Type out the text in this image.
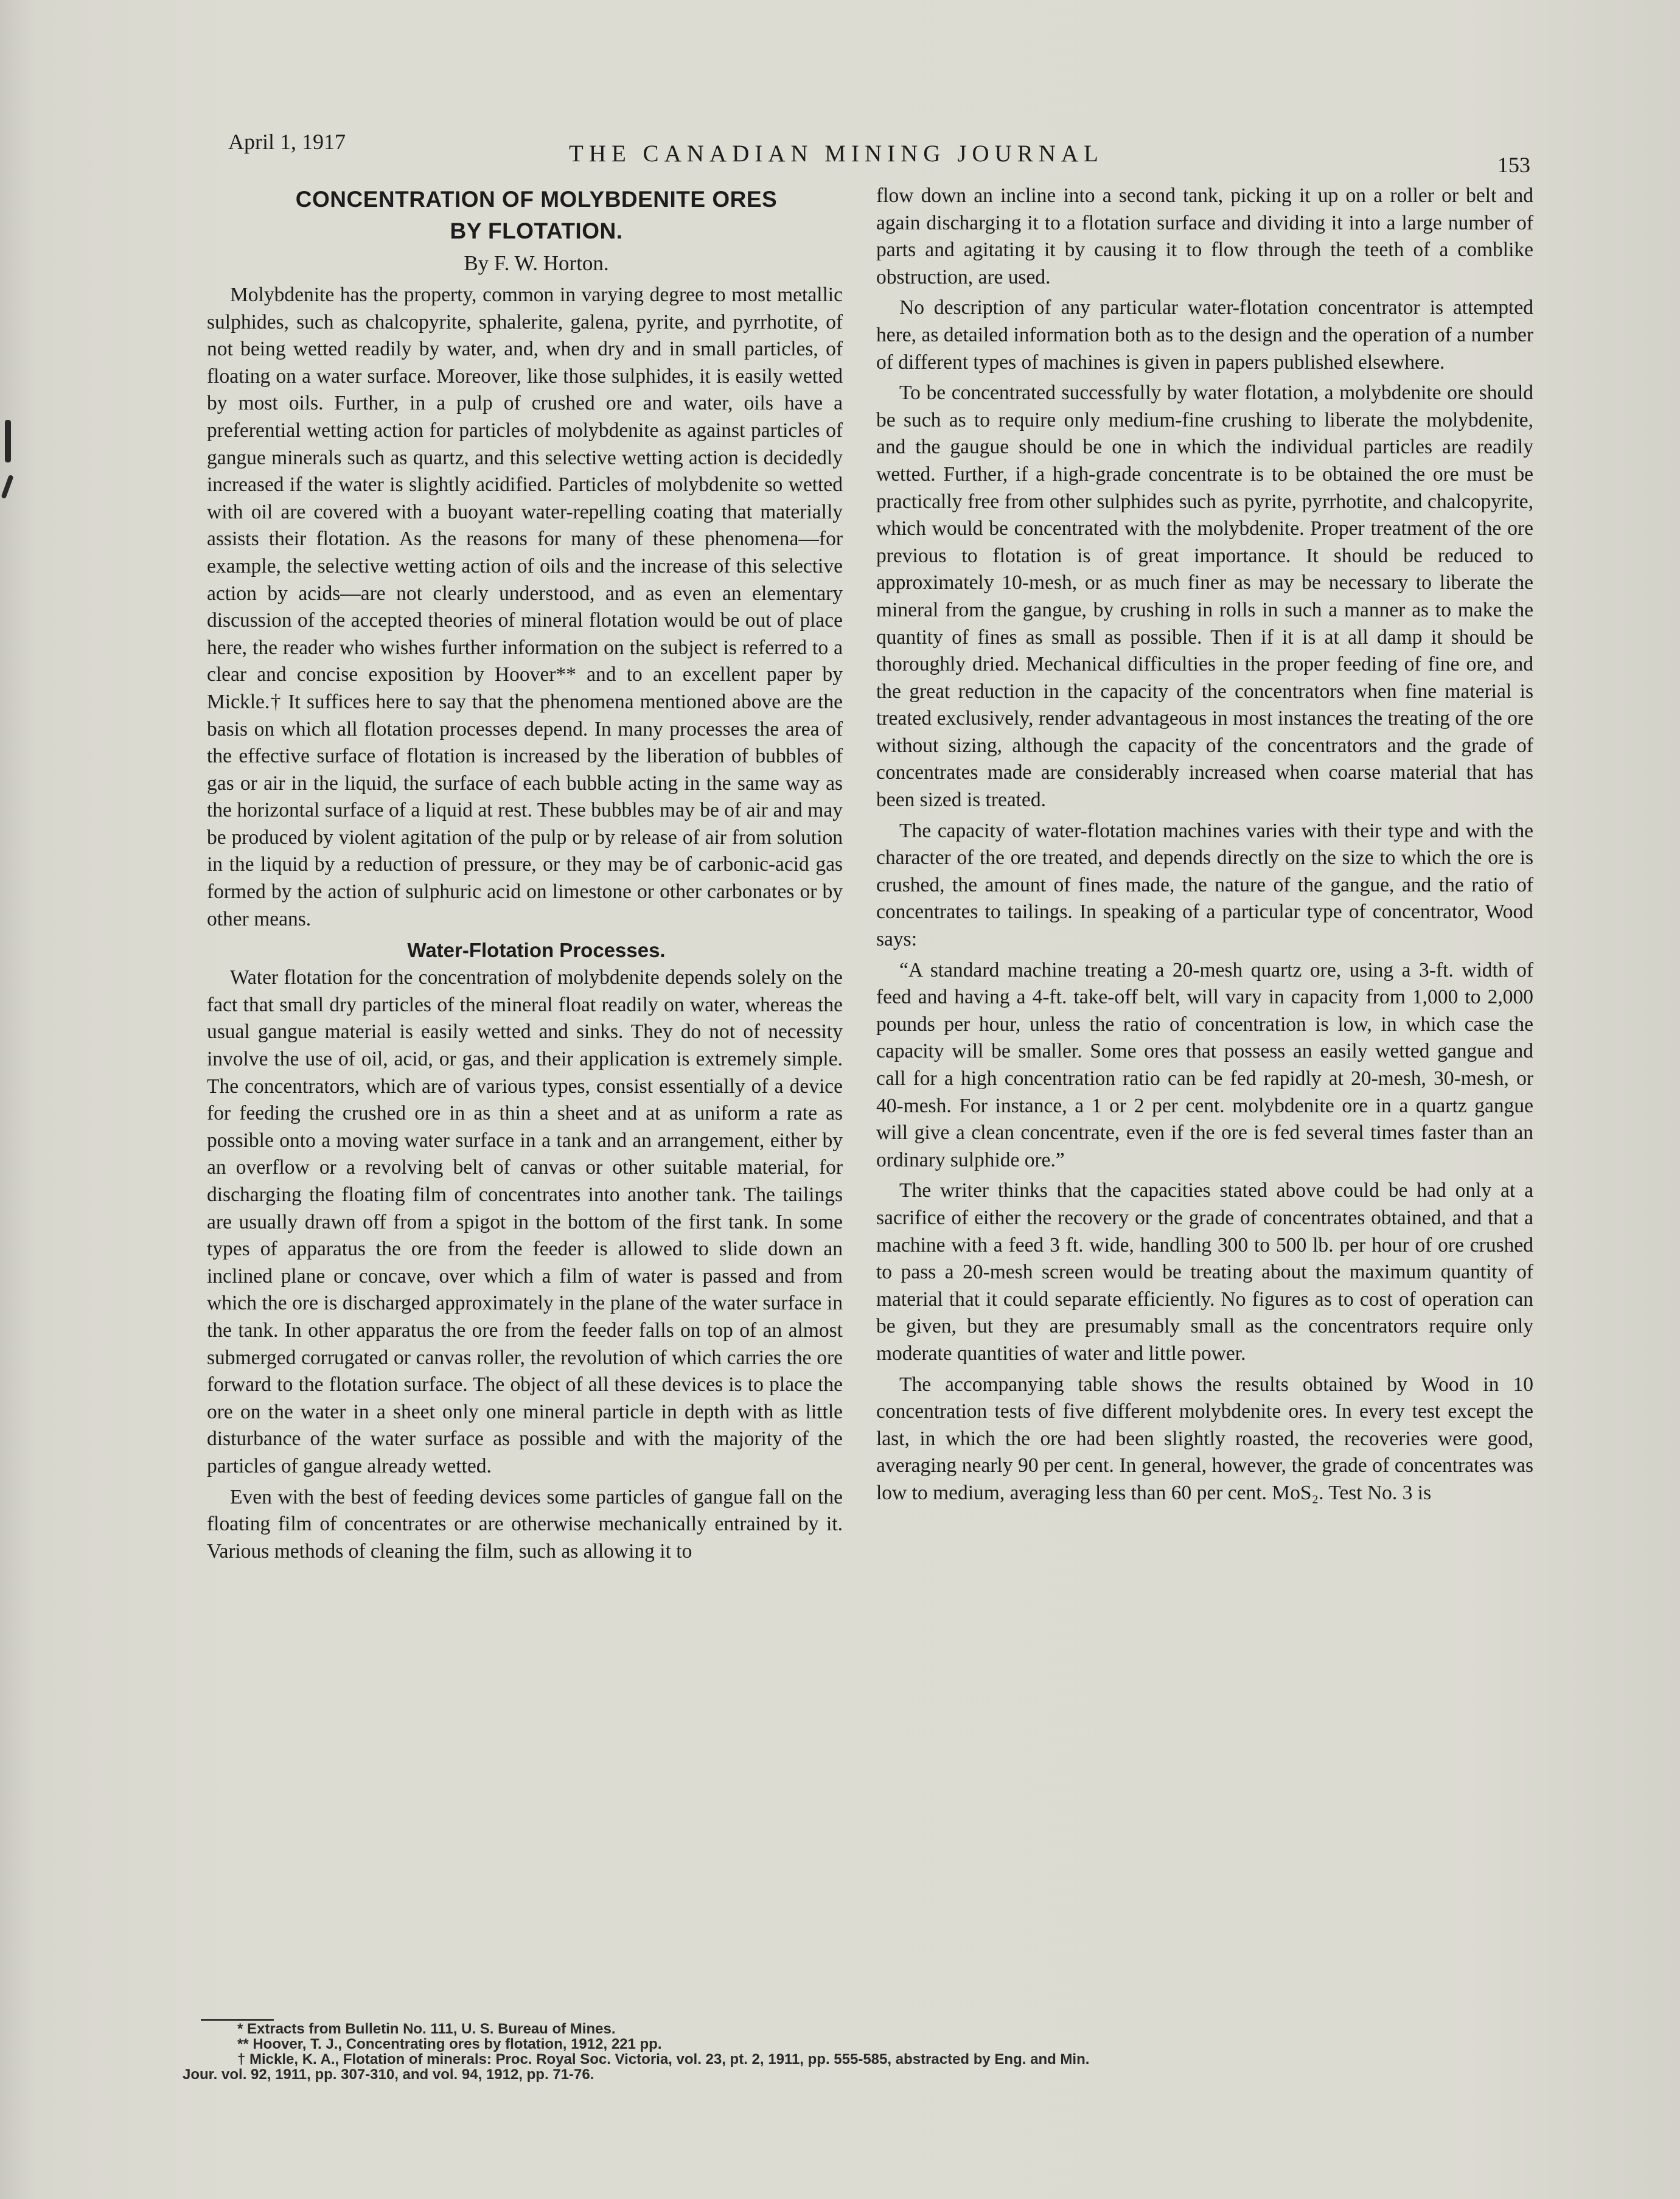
April 1, 1917	THE CANADIAN MINING JOURNAL	153

CONCENTRATION OF MOLYBDENITE ORES

BY FLOTATION.

By F. W. Horton.

Molybdenite has the property, common in varying degree to most metallic sulphides, such as chalcopyrite, sphalerite, galena, pyrite, and pyrrhotite, of not being wetted readily by water, and, when dry and in small particles, of floating on a water surface. Moreover, like those sulphides, it is easily wetted by most oils. Further, in a pulp of crushed ore and water, oils have a preferential wetting action for particles of molybdenite as against particles of gangue minerals such as quartz, and this selective wetting action is decidedly increased if the water is slightly acidified. Particles of molybdenite so wetted with oil are covered with a buoyant water-repelling coating that materially assists their flotation. As the reasons for many of these phenomena—for example, the selective wetting action of oils and the increase of this selective action by acids—are not clearly understood, and as even an elementary discussion of the accepted theories of mineral flotation would be out of place here, the reader who wishes further information on the subject is referred to a clear and concise exposition by Hoover** and to an excellent paper by Mickle.† It suffices here to say that the phenomena mentioned above are the basis on which all flotation processes depend. In many processes the area of the effective surface of flotation is increased by the liberation of bubbles of gas or air in the liquid, the surface of each bubble acting in the same way as the horizontal surface of a liquid at rest. These bubbles may be of air and may be produced by violent agitation of the pulp or by release of air from solution in the liquid by a reduction of pressure, or they may be of carbonic-acid gas formed by the action of sulphuric acid on limestone or other carbonates or by other means.

Water-Flotation Processes.

Water flotation for the concentration of molybdenite depends solely on the fact that small dry particles of the mineral float readily on water, whereas the usual gangue material is easily wetted and sinks. They do not of necessity involve the use of oil, acid, or gas, and their application is extremely simple. The concentrators, which are of various types, consist essentially of a device for feeding the crushed ore in as thin a sheet and at as uniform a rate as possible onto a moving water surface in a tank and an arrangement, either by an overflow or a revolving belt of canvas or other suitable material, for discharging the floating film of concentrates into another tank. The tailings are usually drawn off from a spigot in the bottom of the first tank. In some types of apparatus the ore from the feeder is allowed to slide down an inclined plane or concave, over which a film of water is passed and from which the ore is discharged approximately in the plane of the water surface in the tank. In other apparatus the ore from the feeder falls on top of an almost submerged corrugated or canvas roller, the revolution of which carries the ore forward to the flotation surface. The object of all these devices is to place the ore on the water in a sheet only one mineral particle in depth with as little disturbance of the water surface as possible and with the majority of the particles of gangue already wetted.

Even with the best of feeding devices some particles of gangue fall on the floating film of concentrates or are otherwise mechanically entrained by it. Various methods of cleaning the film, such as allowing it to

flow down an incline into a second tank, picking it up on a roller or belt and again discharging it to a flotation surface and dividing it into a large number of parts and agitating it by causing it to flow through the teeth of a comblike obstruction, are used.

No description of any particular water-flotation concentrator is attempted here, as detailed information both as to the design and the operation of a number of different types of machines is given in papers published elsewhere.

To be concentrated successfully by water flotation, a molybdenite ore should be such as to require only medium-fine crushing to liberate the molybdenite, and the gaugue should be one in which the individual particles are readily wetted. Further, if a high-grade concentrate is to be obtained the ore must be practically free from other sulphides such as pyrite, pyrrhotite, and chalcopyrite, which would be concentrated with the molybdenite. Proper treatment of the ore previous to flotation is of great importance. It should be reduced to approximately 10-mesh, or as much finer as may be necessary to liberate the mineral from the gangue, by crushing in rolls in such a manner as to make the quantity of fines as small as possible. Then if it is at all damp it should be thoroughly dried. Mechanical difficulties in the proper feeding of fine ore, and the great reduction in the capacity of the concentrators when fine material is treated exclusively, render advantageous in most instances the treating of the ore without sizing, although the capacity of the concentrators and the grade of concentrates made are considerably increased when coarse material that has been sized is treated.

The capacity of water-flotation machines varies with their type and with the character of the ore treated, and depends directly on the size to which the ore is crushed, the amount of fines made, the nature of the gangue, and the ratio of concentrates to tailings. In speaking of a particular type of concentrator, Wood says:

“A standard machine treating a 20-mesh quartz ore, using a 3-ft. width of feed and having a 4-ft. take-off belt, will vary in capacity from 1,000 to 2,000 pounds per hour, unless the ratio of concentration is low, in which case the capacity will be smaller. Some ores that possess an easily wetted gangue and call for a high concentration ratio can be fed rapidly at 20-mesh, 30-mesh, or 40-mesh. For instance, a 1 or 2 per cent. molybdenite ore in a quartz gangue will give a clean concentrate, even if the ore is fed several times faster than an ordinary sulphide ore.”

The writer thinks that the capacities stated above could be had only at a sacrifice of either the recovery or the grade of concentrates obtained, and that a machine with a feed 3 ft. wide, handling 300 to 500 lb. per hour of ore crushed to pass a 20-mesh screen would be treating about the maximum quantity of material that it could separate efficiently. No figures as to cost of operation can be given, but they are presumably small as the concentrators require only moderate quantities of water and little power.

The accompanying table shows the results obtained by Wood in 10 concentration tests of five different molybdenite ores. In every test except the last, in which the ore had been slightly roasted, the recoveries were good, averaging nearly 90 per cent. In general, however, the grade of concentrates was low to medium, averaging less than 60 per cent. MoS₂. Test No. 3 is

* Extracts from Bulletin No. 111, U. S. Bureau of Mines.

** Hoover, T. J., Concentrating ores by flotation, 1912, 221 pp.

† Mickle, K. A., Flotation of minerals: Proc. Royal Soc. Victoria, vol. 23, pt. 2, 1911, pp. 555-585, abstracted by Eng. and Min.

Jour. vol. 92, 1911, pp. 307-310, and vol. 94, 1912, pp. 71-76.
